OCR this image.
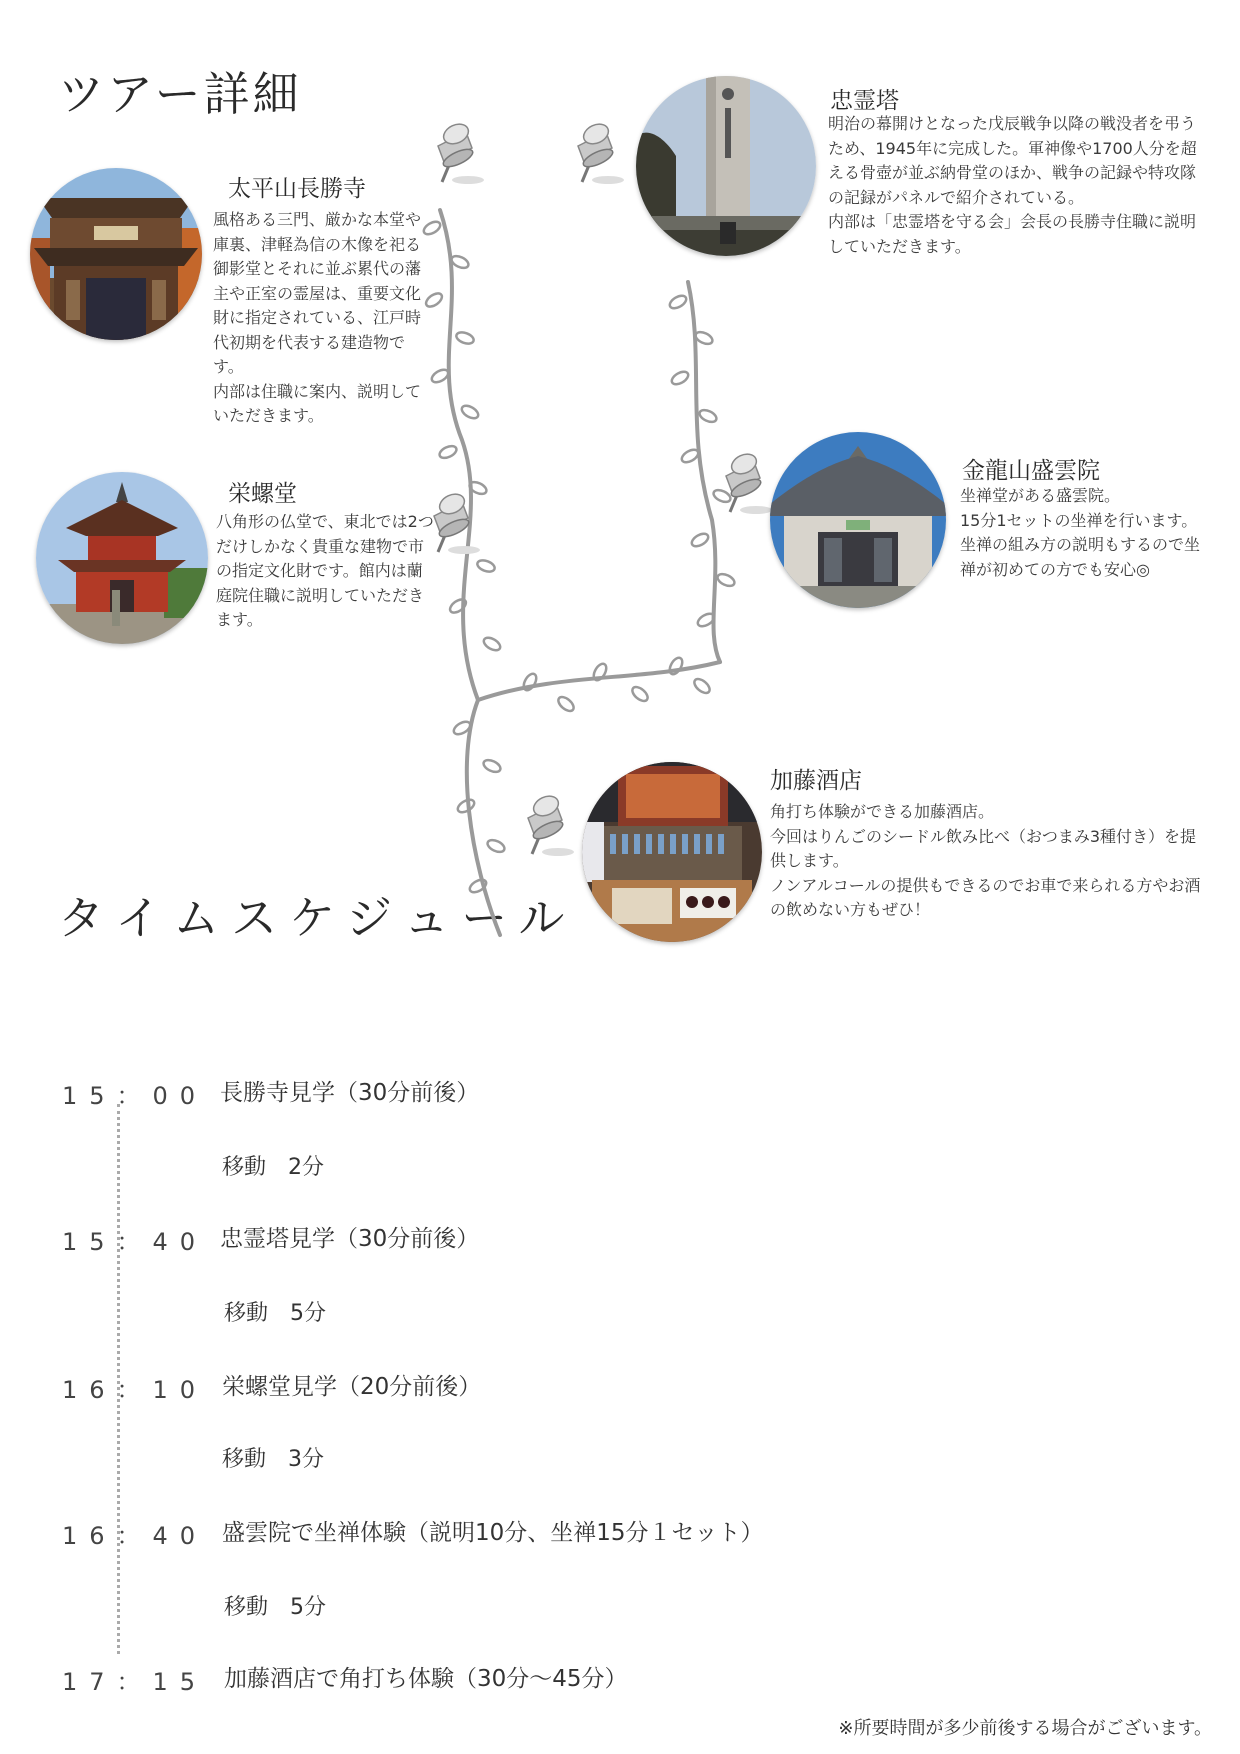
ツアー詳細
タイムスケジュール
太平山長勝寺
風格ある三門、厳かな本堂や庫裏、津軽為信の木像を祀る御影堂とそれに並ぶ累代の藩主や正室の霊屋は、重要文化財に指定されている、江戸時代初期を代表する建造物です。
内部は住職に案内、説明していただきます。
栄螺堂
八角形の仏堂で、東北では2つだけしかなく貴重な建物で市の指定文化財です。館内は蘭庭院住職に説明していただきます。
忠霊塔
明治の幕開けとなった戊辰戦争以降の戦没者を弔うため、1945年に完成した。軍神像や1700人分を超える骨壺が並ぶ納骨堂のほか、戦争の記録や特攻隊の記録がパネルで紹介されている。
内部は「忠霊塔を守る会」会長の長勝寺住職に説明していただきます。
金龍山盛雲院
坐禅堂がある盛雲院。
15分1セットの坐禅を行います。
坐禅の組み方の説明もするので坐禅が初めての方でも安心◎
加藤酒店
角打ち体験ができる加藤酒店。
今回はりんごのシードル飲み比べ（おつまみ3種付き）を提供します。
ノンアルコールの提供もできるのでお車で来られる方やお酒の飲めない方もぜひ！
15：00 長勝寺見学（30分前後）
移動　2分
15：40 忠霊塔見学（30分前後）
移動　5分
16：10 栄螺堂見学（20分前後）
移動　3分
16：40 盛雲院で坐禅体験（説明10分、坐禅15分１セット）
移動　5分
17：15 加藤酒店で角打ち体験（30分～45分）
※所要時間が多少前後する場合がございます。
